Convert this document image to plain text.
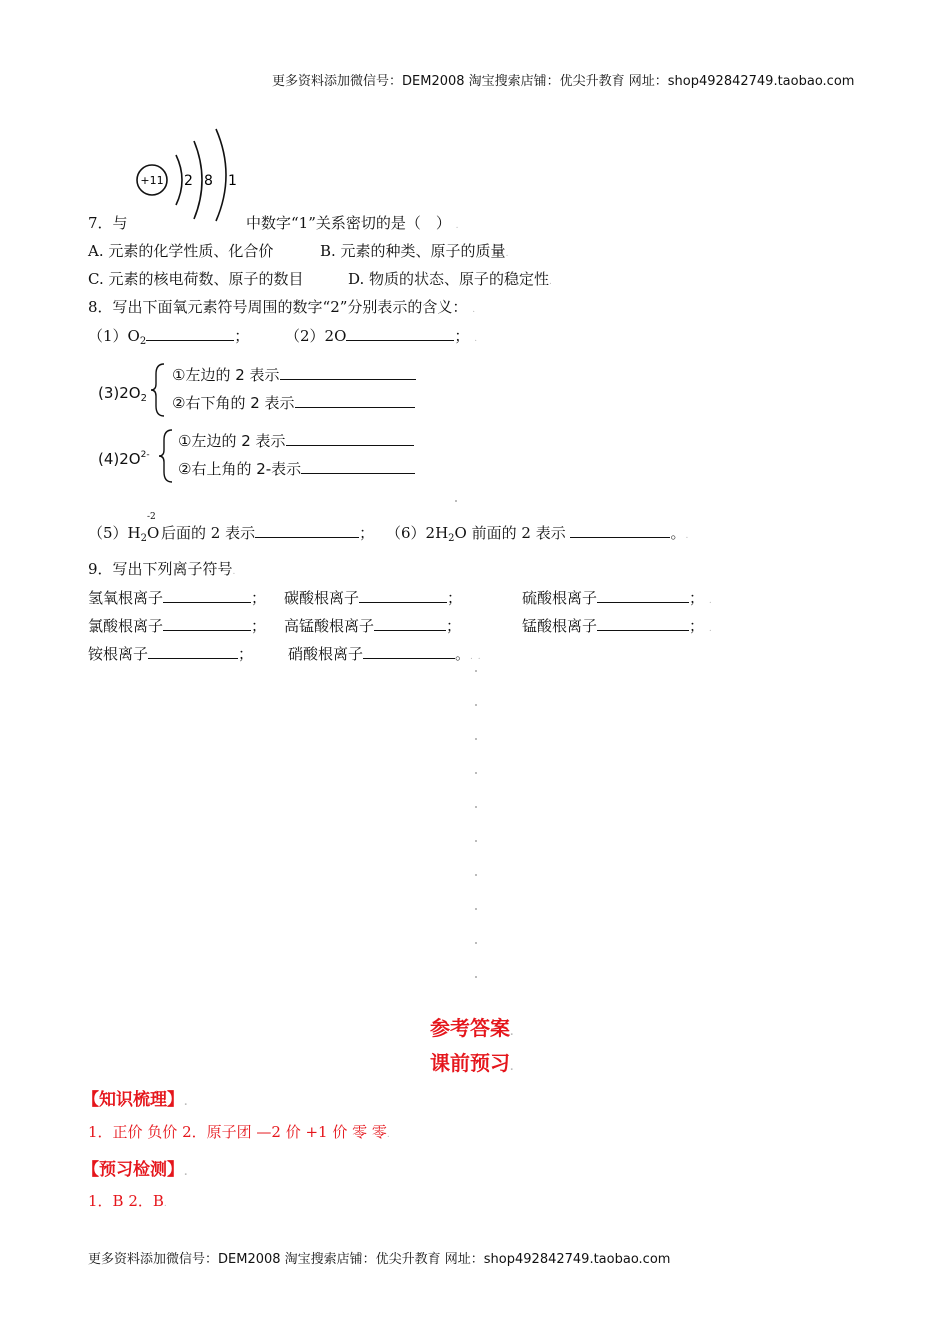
更多资料添加微信号：DEM2008 淘宝搜索店铺：优尖升教育 网址：shop492842749.taobao.com
+11 2 8 1
7．与	中数字“1”关系密切的是（　） .
A. 元素的化学性质、化合价	B. 元素的种类、原子的质量.
C. 元素的核电荷数、原子的数目	D. 物质的状态、原子的稳定性.
8．写出下面氧元素符号周围的数字“2”分别表示的含义： .
$(1)O_2$	； （2）2O	； .
$(3)2O_2$
①左边的 2 表示
②右下角的 2 表示
$(4)2O^{2-}$
①左边的 2 表示
②右上角的 2-表示
$(5)H_2$
-2
O 后面的 2 表示	； $(6)2H_2O$ 前面的 2 表示	。.
9．写出下列离子符号.
氢氧根离子	； 碳酸根离子	；	硫酸根离子	； .
氯酸根离子	； 高锰酸根离子	；	锰酸根离子	； .
铵根离子	； 硝酸根离子	。. .
参考答案.
课前预习.
【知识梳理】.
1．正价 负价 2．原子团 —2 价 +1 价 零 零.
【预习检测】.
1．B 2．B.
更多资料添加微信号：DEM2008 淘宝搜索店铺：优尖升教育 网址：shop492842749.taobao.com
